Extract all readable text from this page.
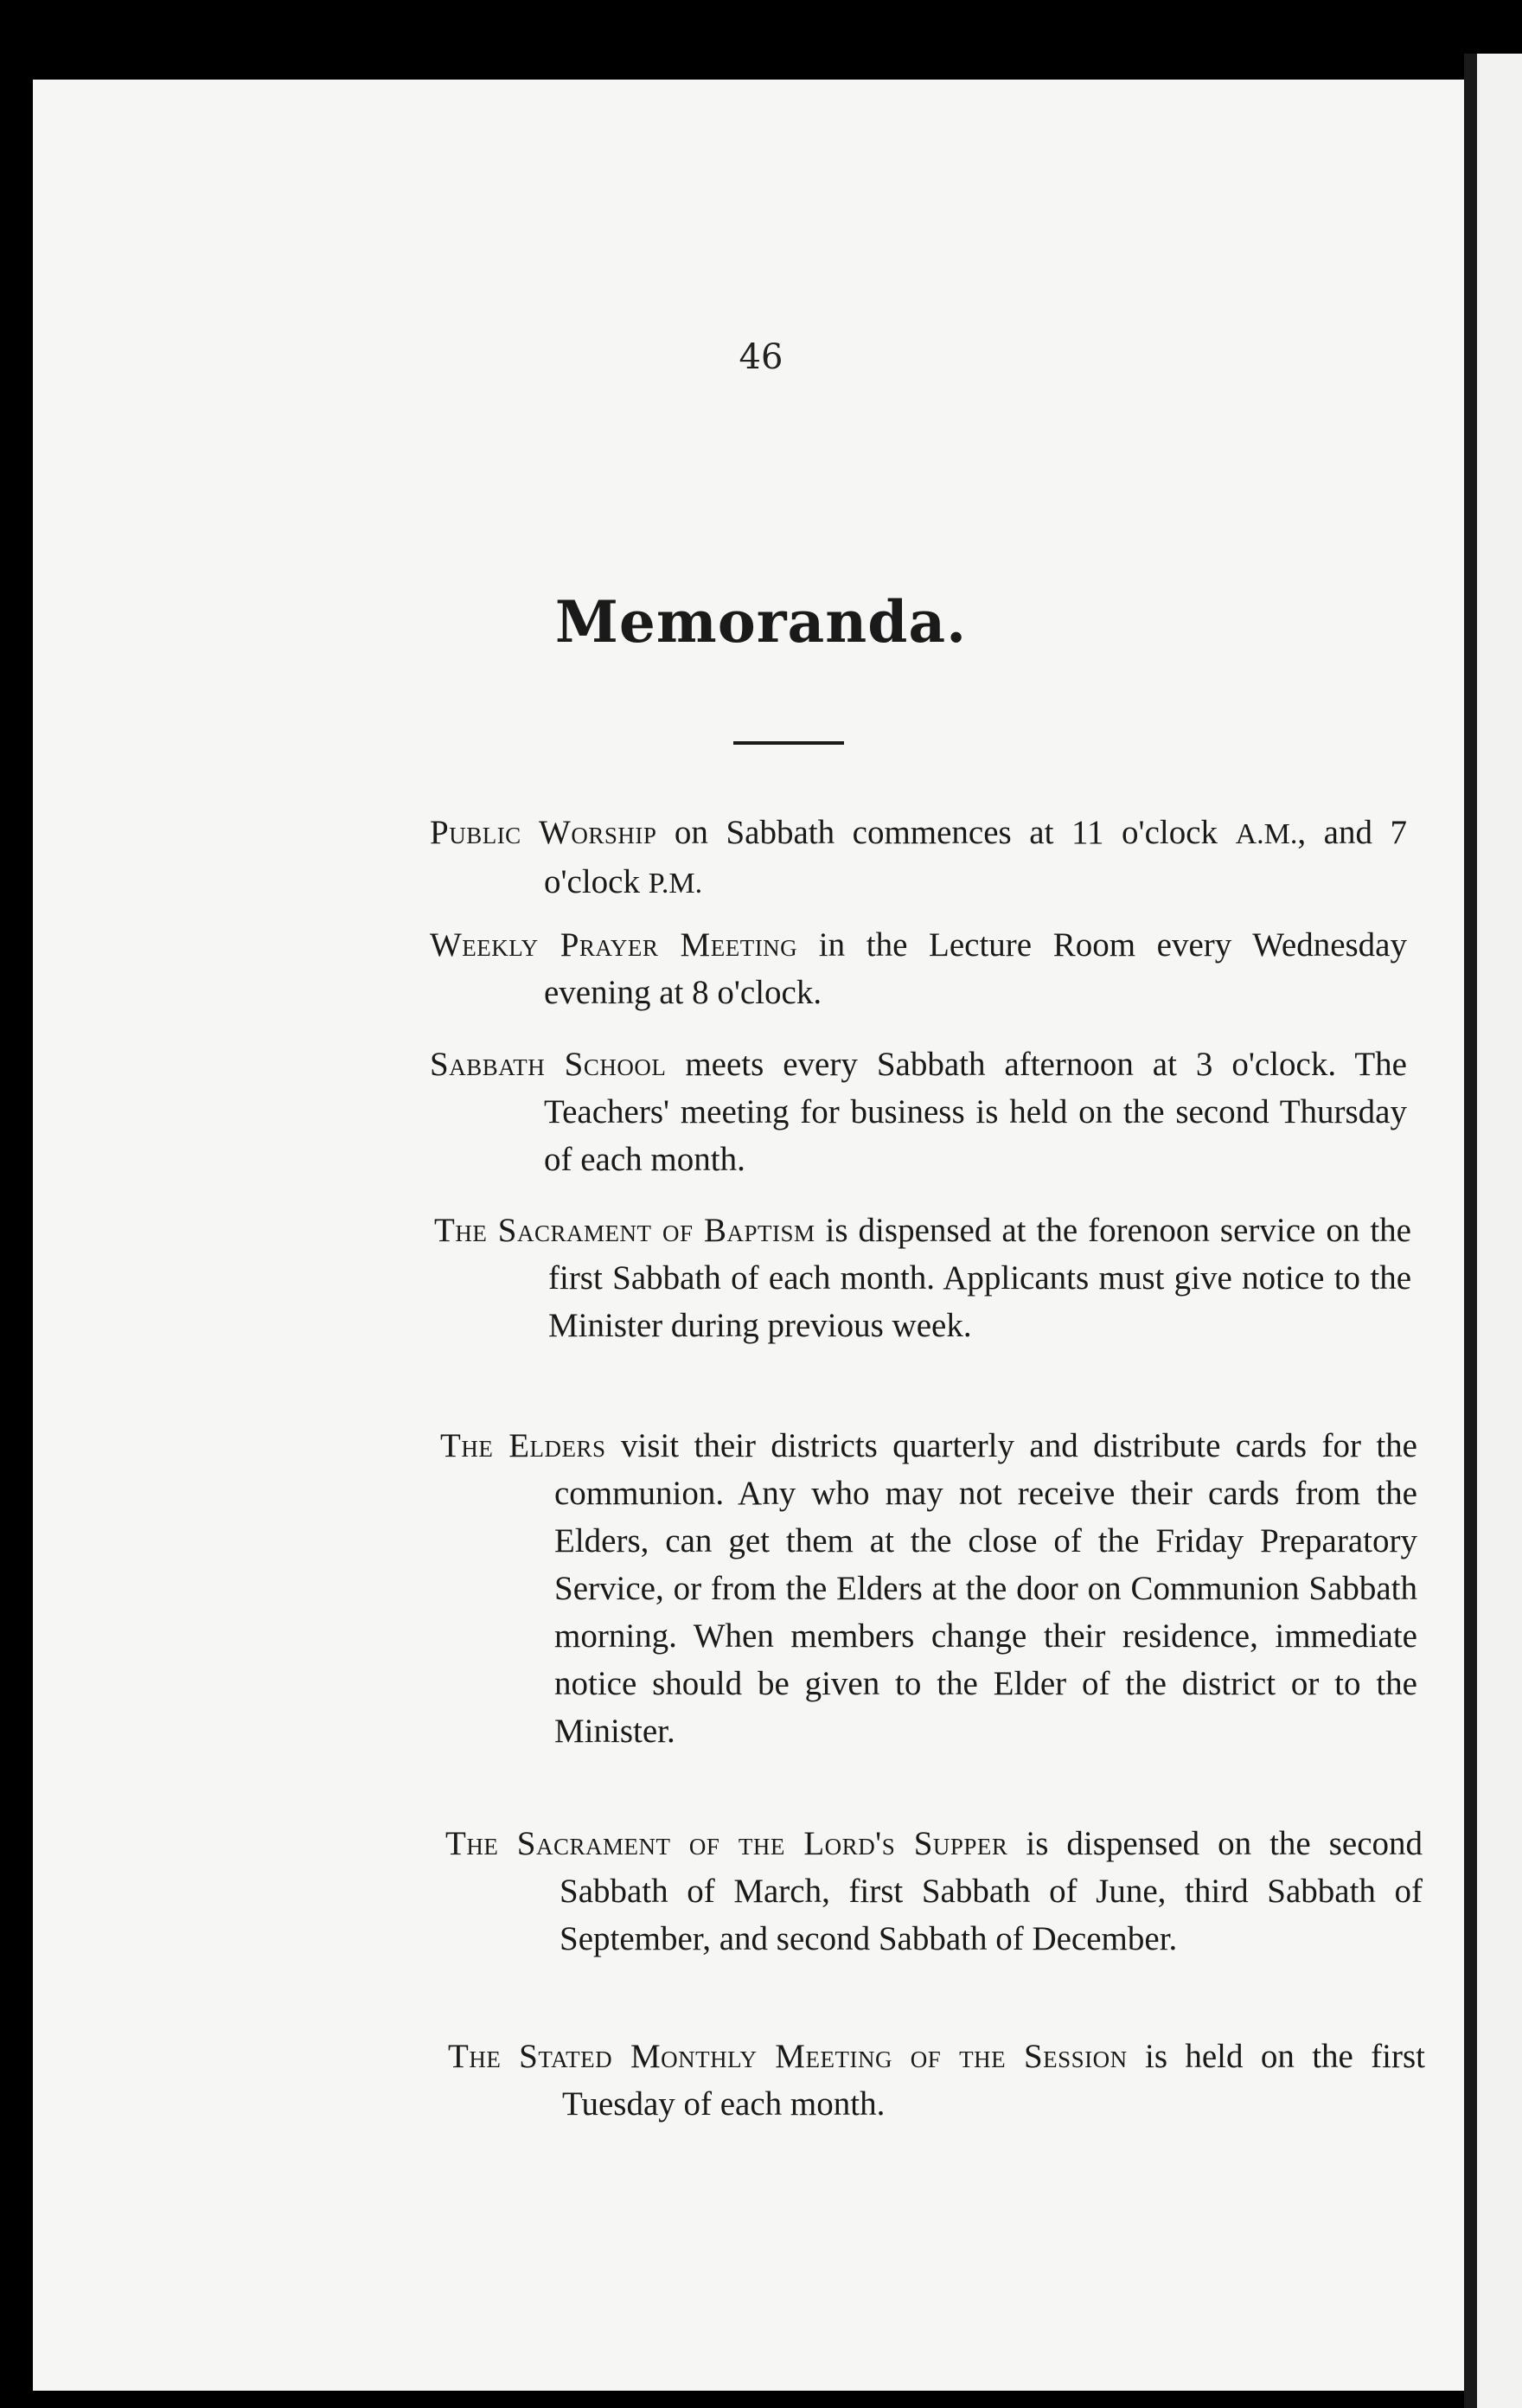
46
Memoranda.

Public Worship on Sabbath commences at 11 o'clock A.M., and 7 o'clock P.M.

Weekly Prayer Meeting in the Lecture Room every Wednesday evening at 8 o'clock.

Sabbath School meets every Sabbath afternoon at 3 o'clock. The Teachers' meeting for business is held on the second Thursday of each month.

The Sacrament of Baptism is dispensed at the forenoon service on the first Sabbath of each month. Applicants must give notice to the Minister during previous week.

The Elders visit their districts quarterly and distribute cards for the communion. Any who may not receive their cards from the Elders, can get them at the close of the Friday Preparatory Service, or from the Elders at the door on Communion Sabbath morning. When members change their residence, immediate notice should be given to the Elder of the district or to the Minister.

The Sacrament of the Lord's Supper is dispensed on the second Sabbath of March, first Sabbath of June, third Sabbath of September, and second Sabbath of December.

The Stated Monthly Meeting of the Session is held on the first Tuesday of each month.
